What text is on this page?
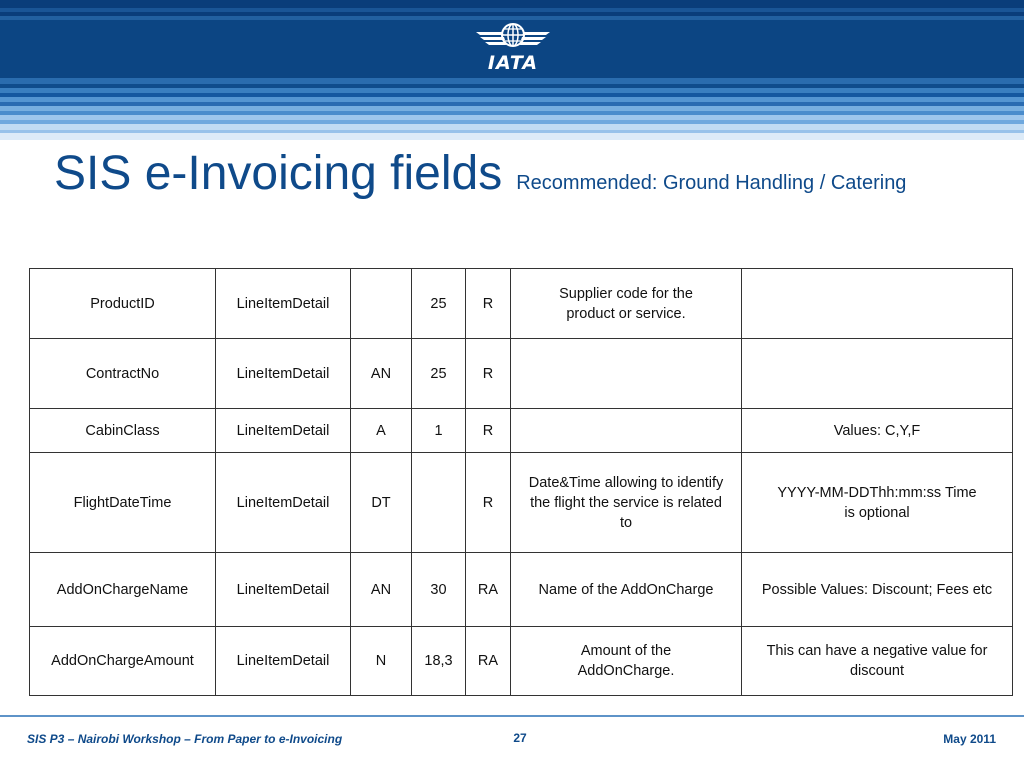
IATA
SIS e-Invoicing fields Recommended: Ground Handling / Catering
ProductID	LineItemDetail		25	R	Supplier code for the product or service.	
ContractNo	LineItemDetail	AN	25	R		
CabinClass	LineItemDetail	A	1	R		Values: C,Y,F
FlightDateTime	LineItemDetail	DT		R	Date&Time allowing to identify the flight the service is related to	YYYY-MM-DDThh:mm:ss Time is optional
AddOnChargeName	LineItemDetail	AN	30	RA	Name of the AddOnCharge	Possible Values: Discount; Fees etc
AddOnChargeAmount	LineItemDetail	N	18,3	RA	Amount of the AddOnCharge.	This can have a negative value for discount
SIS P3 – Nairobi Workshop – From Paper to e-Invoicing	27	May 2011
